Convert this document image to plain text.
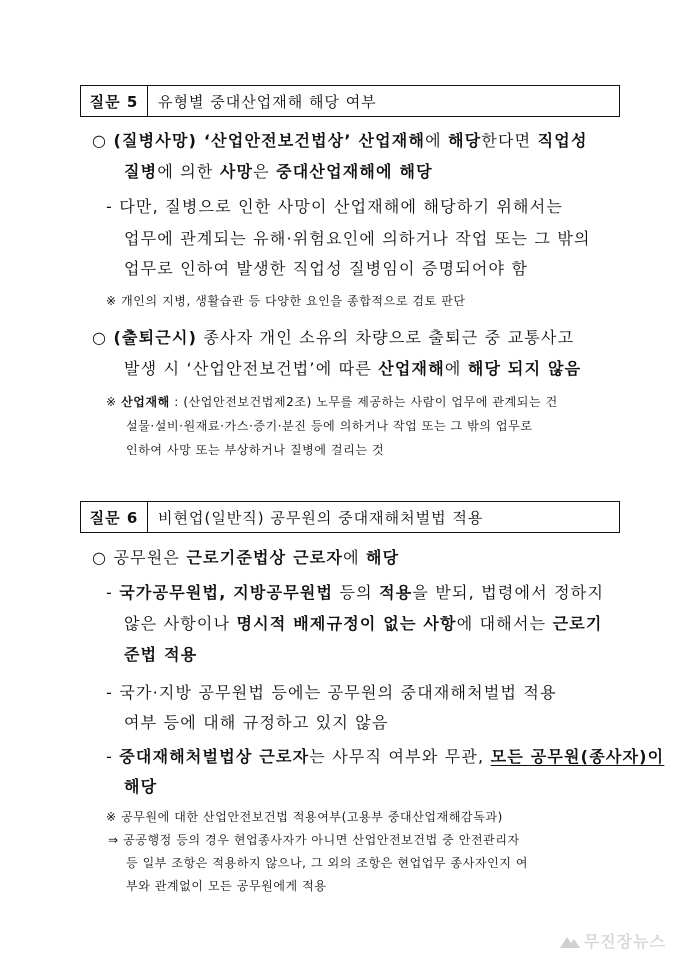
질문 5	유형별 중대산업재해 해당 여부
○ (질병사망) ‘산업안전보건법상’ 산업재해에 해당한다면 직업성
질병에 의한 사망은 중대산업재해에 해당
- 다만, 질병으로 인한 사망이 산업재해에 해당하기 위해서는
업무에 관계되는 유해·위험요인에 의하거나 작업 또는 그 밖의
업무로 인하여 발생한 직업성 질병임이 증명되어야 함
※ 개인의 지병, 생활습관 등 다양한 요인을 종합적으로 검토 판단
○ (출퇴근시) 종사자 개인 소유의 차량으로 출퇴근 중 교통사고
발생 시 ‘산업안전보건법’에 따른 산업재해에 해당 되지 않음
※ 산업재해 : (산업안전보건법제2조) 노무를 제공하는 사람이 업무에 관계되는 건
설물·설비·원재료·가스·증기·분진 등에 의하거나 작업 또는 그 밖의 업무로
인하여 사망 또는 부상하거나 질병에 걸리는 것
질문 6	비현업(일반직) 공무원의 중대재해처벌법 적용
○ 공무원은 근로기준법상 근로자에 해당
- 국가공무원법, 지방공무원법 등의 적용을 받되, 법령에서 정하지
않은 사항이나 명시적 배제규정이 없는 사항에 대해서는 근로기
준법 적용
- 국가·지방 공무원법 등에는 공무원의 중대재해처벌법 적용
여부 등에 대해 규정하고 있지 않음
- 중대재해처벌법상 근로자는 사무직 여부와 무관, 모든 공무원(종사자)이
해당
※ 공무원에 대한 산업안전보건법 적용여부(고용부 중대산업재해감독과)
⇒ 공공행정 등의 경우 현업종사자가 아니면 산업안전보건법 중 안전관리자
등 일부 조항은 적용하지 않으나, 그 외의 조항은 현업업무 종사자인지 여
부와 관계없이 모든 공무원에게 적용
무진장뉴스
